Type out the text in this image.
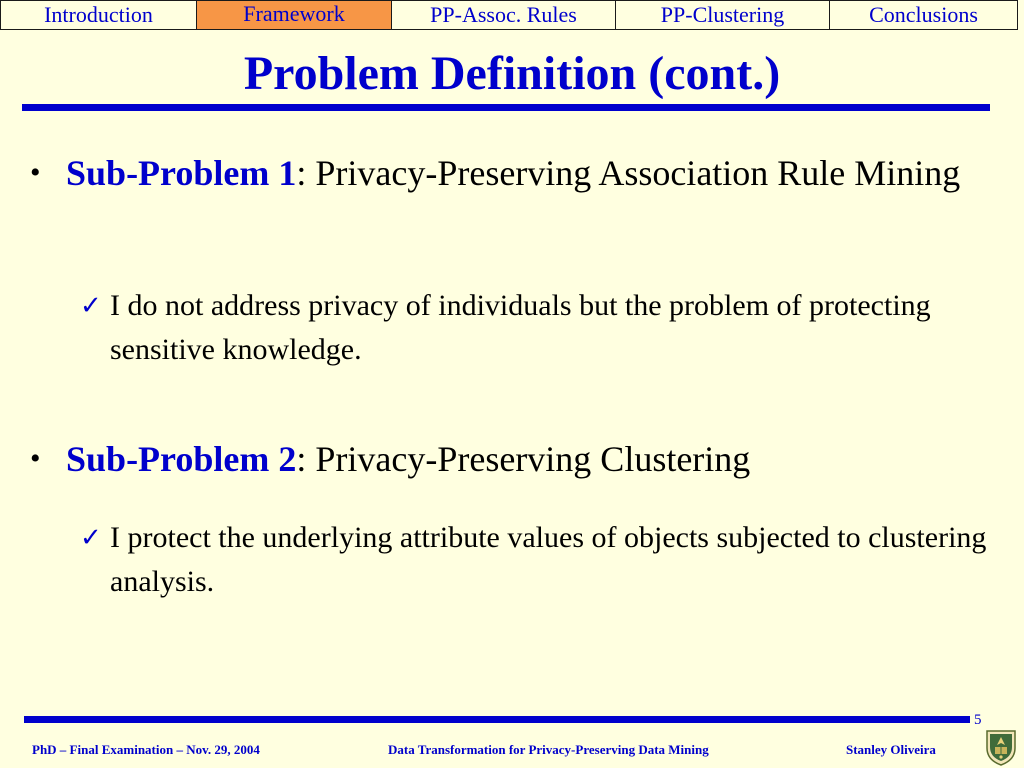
Introduction	Framework	PP-Assoc. Rules	PP-Clustering	Conclusions
Problem Definition (cont.)
• Sub-Problem 1: Privacy-Preserving Association Rule Mining
✓ I do not address privacy of individuals but the problem of protecting sensitive knowledge.
• Sub-Problem 2: Privacy-Preserving Clustering
✓ I protect the underlying attribute values of objects subjected to clustering analysis.
5
PhD – Final Examination – Nov. 29, 2004	Data Transformation for Privacy-Preserving Data Mining	Stanley Oliveira
